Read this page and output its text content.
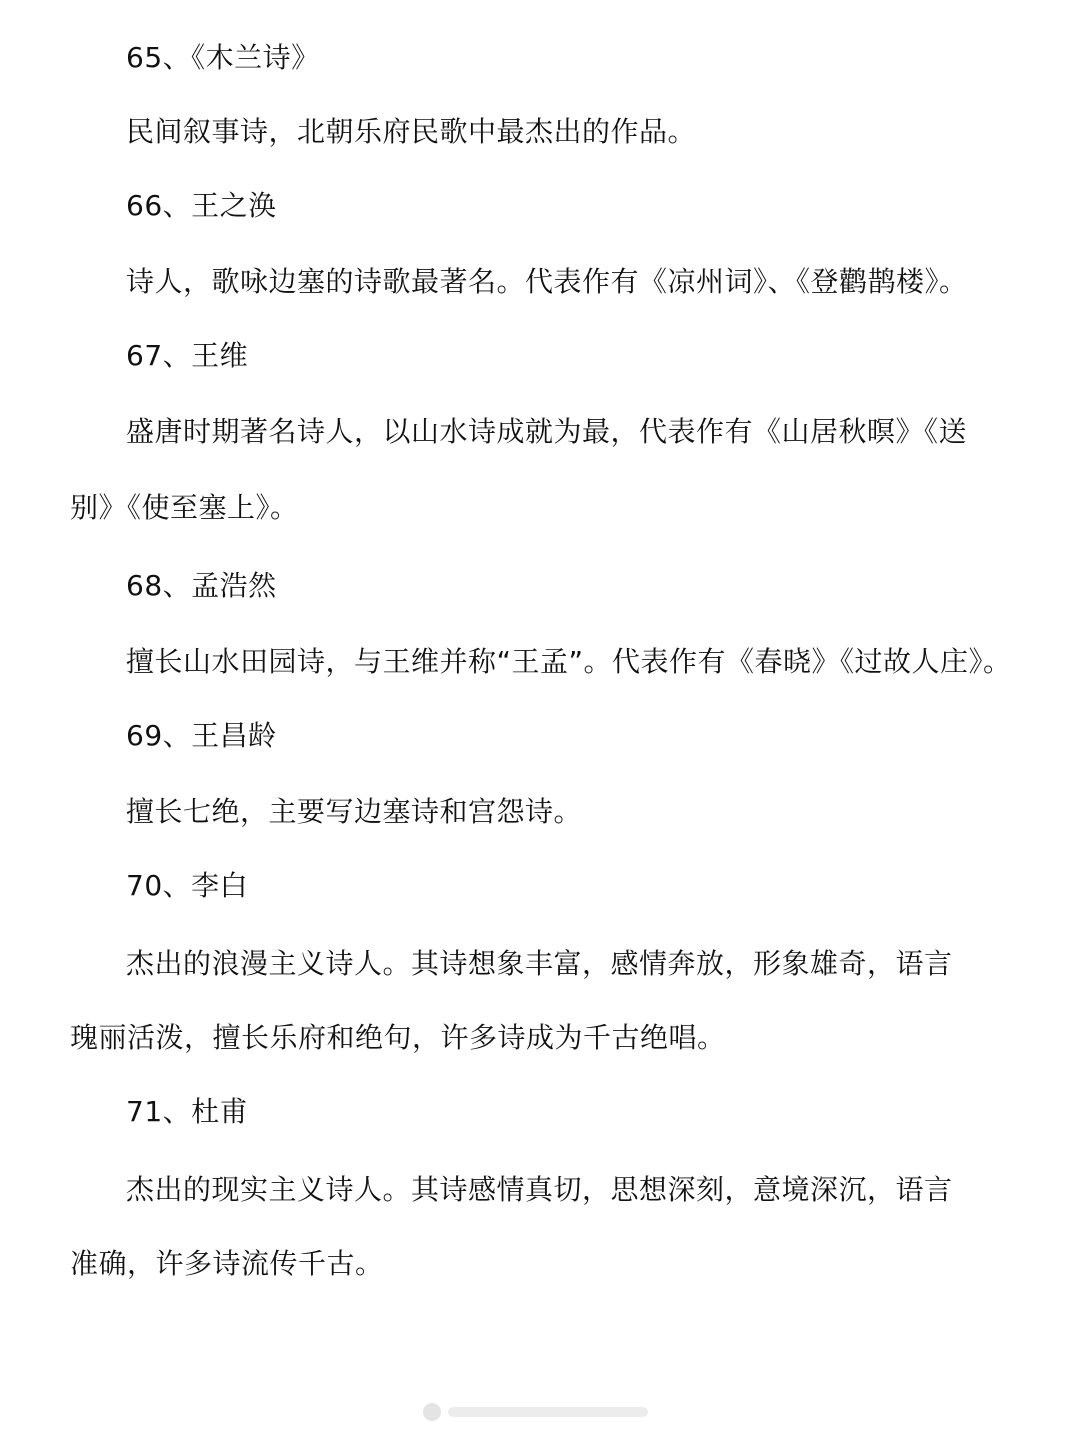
65、《木兰诗》
民间叙事诗，北朝乐府民歌中最杰出的作品。
66、王之涣
诗人，歌咏边塞的诗歌最著名。代表作有《凉州词》、《登鹳鹊楼》。
67、王维
盛唐时期著名诗人，以山水诗成就为最，代表作有《山居秋暝》《送
别》《使至塞上》。
68、孟浩然
擅长山水田园诗，与王维并称“王孟”。代表作有《春晓》《过故人庄》。
69、王昌龄
擅长七绝，主要写边塞诗和宫怨诗。
70、李白
杰出的浪漫主义诗人。其诗想象丰富，感情奔放，形象雄奇，语言
瑰丽活泼，擅长乐府和绝句，许多诗成为千古绝唱。
71、杜甫
杰出的现实主义诗人。其诗感情真切，思想深刻，意境深沉，语言
准确，许多诗流传千古。
